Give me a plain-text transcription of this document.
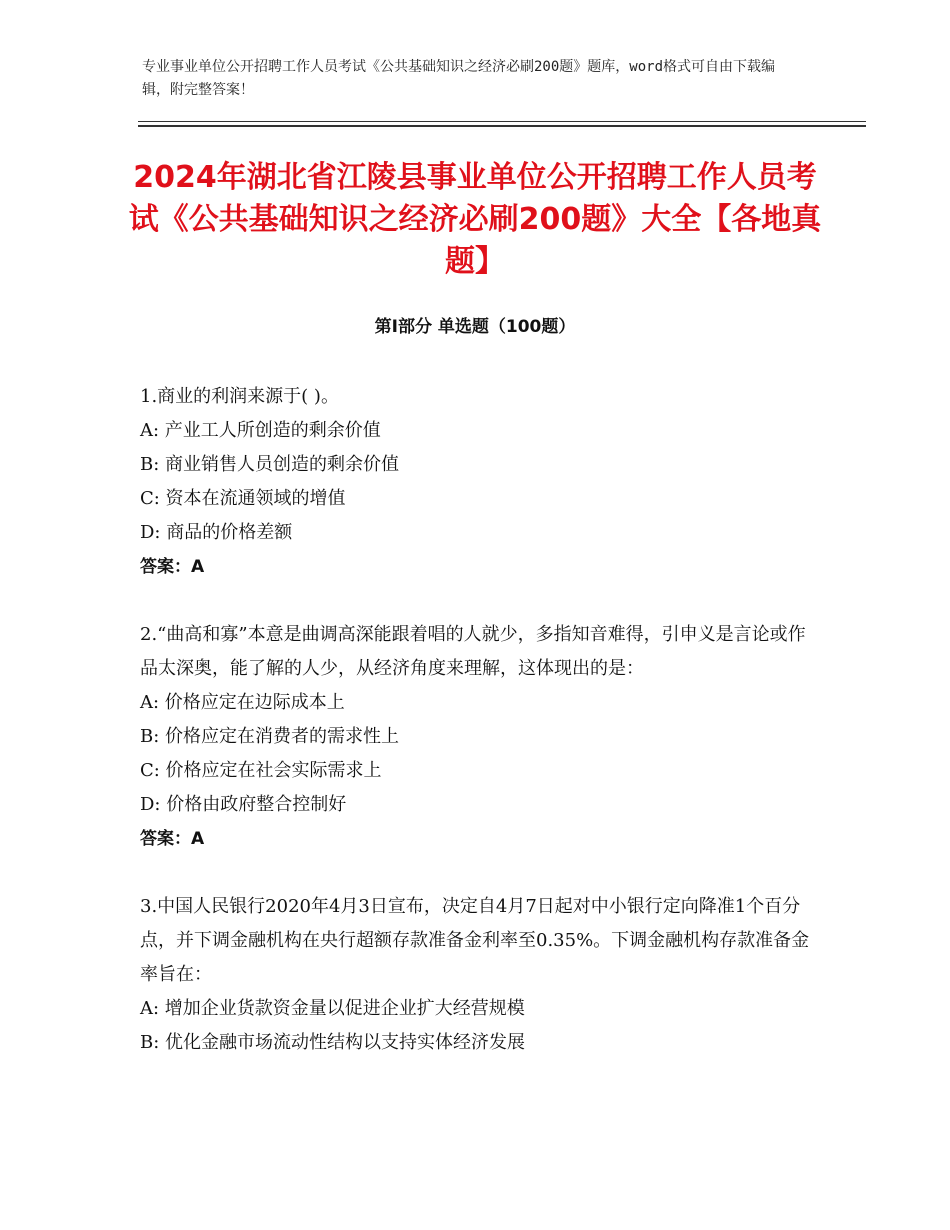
专业事业单位公开招聘工作人员考试《公共基础知识之经济必刷200题》题库，word格式可自由下载编辑，附完整答案！
2024年湖北省江陵县事业单位公开招聘工作人员考试《公共基础知识之经济必刷200题》大全【各地真题】
第Ⅰ部分 单选题（100题）
1.商业的利润来源于( )。
A: 产业工人所创造的剩余价值
B: 商业销售人员创造的剩余价值
C: 资本在流通领域的增值
D: 商品的价格差额
答案：A
2.“曲高和寡”本意是曲调高深能跟着唱的人就少，多指知音难得，引申义是言论或作品太深奥，能了解的人少，从经济角度来理解，这体现出的是：
A: 价格应定在边际成本上
B: 价格应定在消费者的需求性上
C: 价格应定在社会实际需求上
D: 价格由政府整合控制好
答案：A
3.中国人民银行2020年4月3日宣布，决定自4月7日起对中小银行定向降准1个百分点，并下调金融机构在央行超额存款准备金利率至0.35%。下调金融机构存款准备金率旨在：
A: 增加企业货款资金量以促进企业扩大经营规模
B: 优化金融市场流动性结构以支持实体经济发展
